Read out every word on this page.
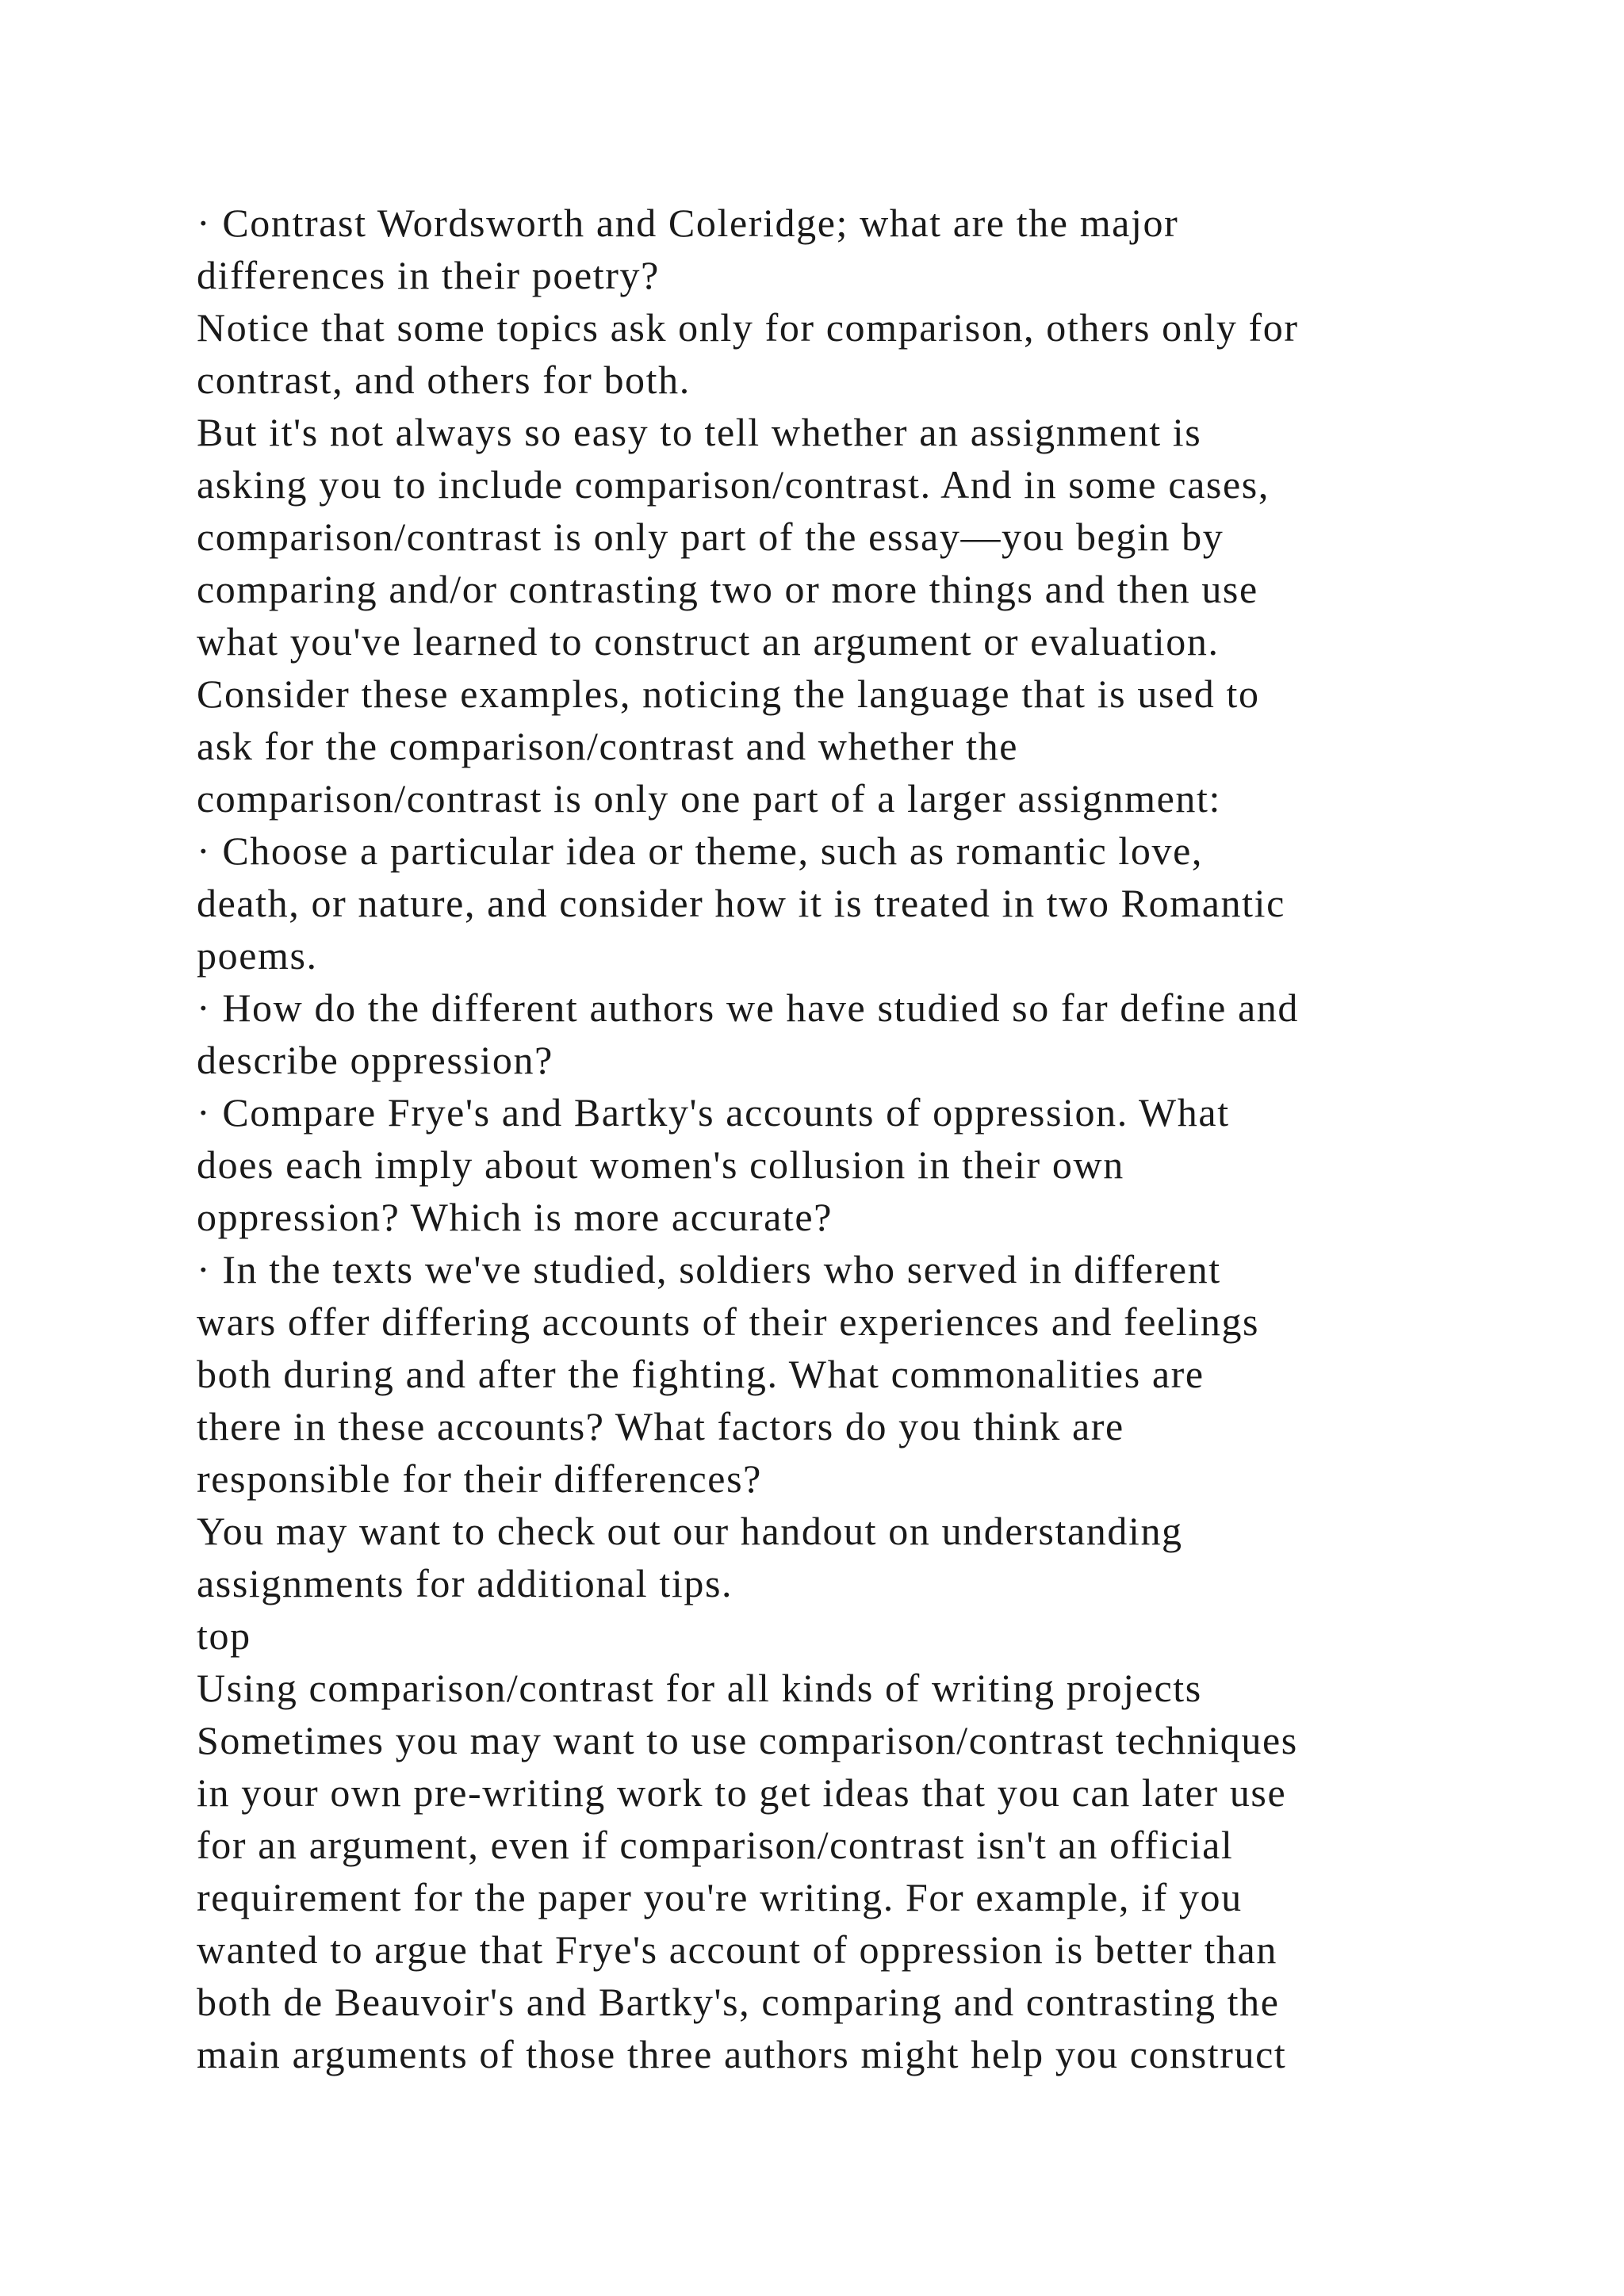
· Contrast Wordsworth and Coleridge; what are the major
differences in their poetry?
Notice that some topics ask only for comparison, others only for
contrast, and others for both.
But it's not always so easy to tell whether an assignment is
asking you to include comparison/contrast. And in some cases,
comparison/contrast is only part of the essay—you begin by
comparing and/or contrasting two or more things and then use
what you've learned to construct an argument or evaluation.
Consider these examples, noticing the language that is used to
ask for the comparison/contrast and whether the
comparison/contrast is only one part of a larger assignment:
· Choose a particular idea or theme, such as romantic love,
death, or nature, and consider how it is treated in two Romantic
poems.
· How do the different authors we have studied so far define and
describe oppression?
· Compare Frye's and Bartky's accounts of oppression. What
does each imply about women's collusion in their own
oppression? Which is more accurate?
· In the texts we've studied, soldiers who served in different
wars offer differing accounts of their experiences and feelings
both during and after the fighting. What commonalities are
there in these accounts? What factors do you think are
responsible for their differences?
You may want to check out our handout on understanding
assignments for additional tips.
top
Using comparison/contrast for all kinds of writing projects
Sometimes you may want to use comparison/contrast techniques
in your own pre-writing work to get ideas that you can later use
for an argument, even if comparison/contrast isn't an official
requirement for the paper you're writing. For example, if you
wanted to argue that Frye's account of oppression is better than
both de Beauvoir's and Bartky's, comparing and contrasting the
main arguments of those three authors might help you construct
